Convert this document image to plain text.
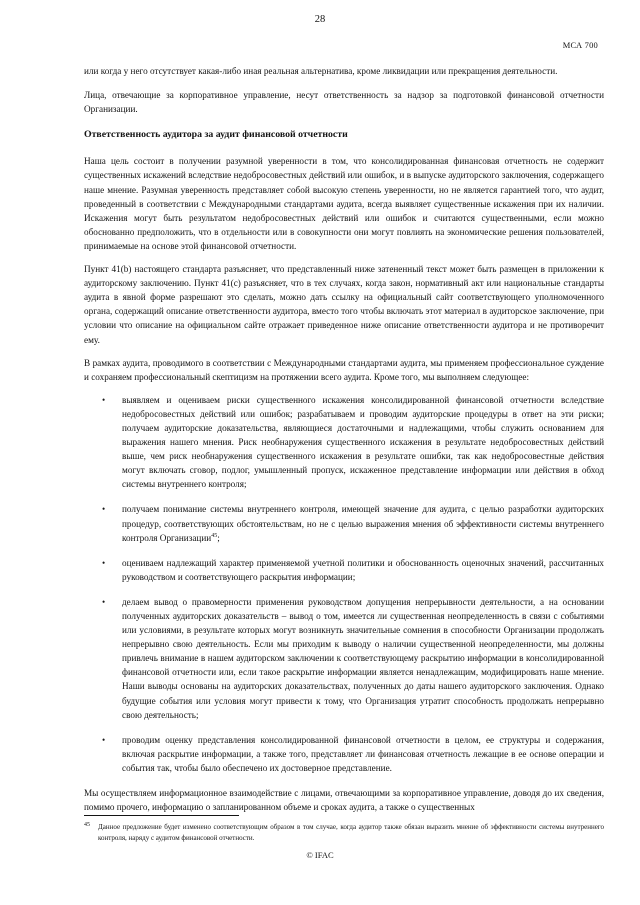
28
МСА 700

или когда у него отсутствует какая-либо иная реальная альтернатива, кроме ликвидации или прекращения деятельности.

Лица, отвечающие за корпоративное управление, несут ответственность за надзор за подготовкой финансовой отчетности Организации.

Ответственность аудитора за аудит финансовой отчетности

Наша цель состоит в получении разумной уверенности в том, что консолидированная финансовая отчетность не содержит существенных искажений вследствие недобросовестных действий или ошибок, и в выпуске аудиторского заключения, содержащего наше мнение. Разумная уверенность представляет собой высокую степень уверенности, но не является гарантией того, что аудит, проведенный в соответствии с Международными стандартами аудита, всегда выявляет существенные искажения при их наличии. Искажения могут быть результатом недобросовестных действий или ошибок и считаются существенными, если можно обоснованно предположить, что в отдельности или в совокупности они могут повлиять на экономические решения пользователей, принимаемые на основе этой финансовой отчетности.

Пункт 41(b) настоящего стандарта разъясняет, что представленный ниже затененный текст может быть размещен в приложении к аудиторскому заключению. Пункт 41(c) разъясняет, что в тех случаях, когда закон, нормативный акт или национальные стандарты аудита в явной форме разрешают это сделать, можно дать ссылку на официальный сайт соответствующего уполномоченного органа, содержащий описание ответственности аудитора, вместо того чтобы включать этот материал в аудиторское заключение, при условии что описание на официальном сайте отражает приведенное ниже описание ответственности аудитора и не противоречит ему.

В рамках аудита, проводимого в соответствии с Международными стандартами аудита, мы применяем профессиональное суждение и сохраняем профессиональный скептицизм на протяжении всего аудита. Кроме того, мы выполняем следующее:

• выявляем и оцениваем риски существенного искажения консолидированной финансовой отчетности вследствие недобросовестных действий или ошибок; разрабатываем и проводим аудиторские процедуры в ответ на эти риски; получаем аудиторские доказательства, являющиеся достаточными и надлежащими, чтобы служить основанием для выражения нашего мнения. Риск необнаружения существенного искажения в результате недобросовестных действий выше, чем риск необнаружения существенного искажения в результате ошибки, так как недобросовестные действия могут включать сговор, подлог, умышленный пропуск, искаженное представление информации или действия в обход системы внутреннего контроля;
• получаем понимание системы внутреннего контроля, имеющей значение для аудита, с целью разработки аудиторских процедур, соответствующих обстоятельствам, но не с целью выражения мнения об эффективности системы внутреннего контроля Организации$^{45}$;
• оцениваем надлежащий характер применяемой учетной политики и обоснованность оценочных значений, рассчитанных руководством и соответствующего раскрытия информации;
• делаем вывод о правомерности применения руководством допущения непрерывности деятельности, а на основании полученных аудиторских доказательств – вывод о том, имеется ли существенная неопределенность в связи с событиями или условиями, в результате которых могут возникнуть значительные сомнения в способности Организации продолжать непрерывно свою деятельность. Если мы приходим к выводу о наличии существенной неопределенности, мы должны привлечь внимание в нашем аудиторском заключении к соответствующему раскрытию информации в консолидированной финансовой отчетности или, если такое раскрытие информации является ненадлежащим, модифицировать наше мнение. Наши выводы основаны на аудиторских доказательствах, полученных до даты нашего аудиторского заключения. Однако будущие события или условия могут привести к тому, что Организация утратит способность продолжать непрерывно свою деятельность;
• проводим оценку представления консолидированной финансовой отчетности в целом, ее структуры и содержания, включая раскрытие информации, а также того, представляет ли финансовая отчетность лежащие в ее основе операции и события так, чтобы было обеспечено их достоверное представление.

Мы осуществляем информационное взаимодействие с лицами, отвечающими за корпоративное управление, доводя до их сведения, помимо прочего, информацию о запланированном объеме и сроках аудита, а также о существенных

45	Данное предложение будет изменено соответствующим образом в том случае, когда аудитор также обязан выразить мнение об эффективности системы внутреннего контроля, наряду с аудитом финансовой отчетности.
© IFAC
